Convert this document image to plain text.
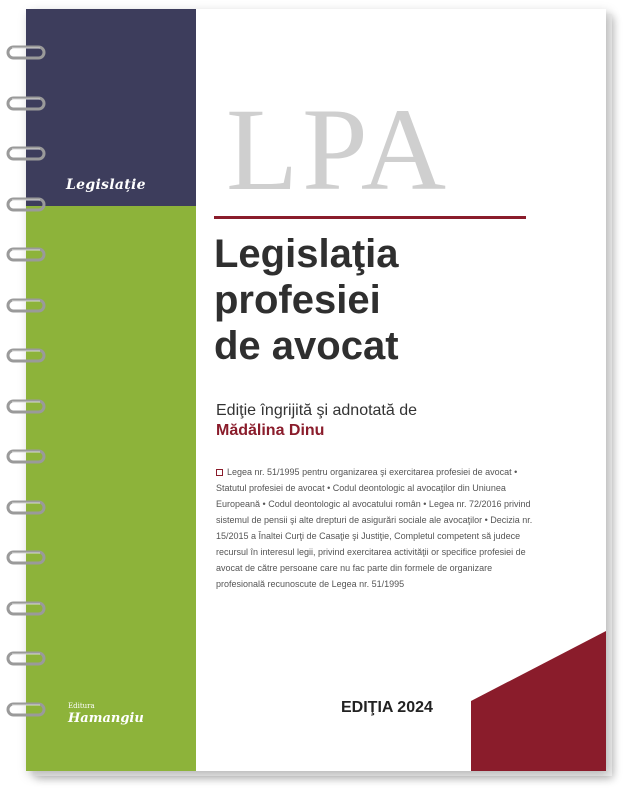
Legislație
Editura
Hamangiu
LPA
Legislaţia
profesiei
de avocat
Ediţie îngrijită şi adnotată de
Mădălina Dinu
Legea nr. 51/1995 pentru organizarea şi exercitarea profesiei de avocat • Statutul profesiei de avocat • Codul deontologic al avocaţilor din Uniunea Europeană • Codul deontologic al avocatului român • Legea nr. 72/2016 privind sistemul de pensii şi alte drepturi de asigurări sociale ale avocaţilor • Decizia nr. 15/2015 a Înaltei Curţi de Casaţie şi Justiţie, Completul competent să judece recursul în interesul legii, privind exercitarea activităţii or specifice profesiei de avocat de către persoane care nu fac parte din formele de organizare profesională recunoscute de Legea nr. 51/1995
EDIŢIA 2024
